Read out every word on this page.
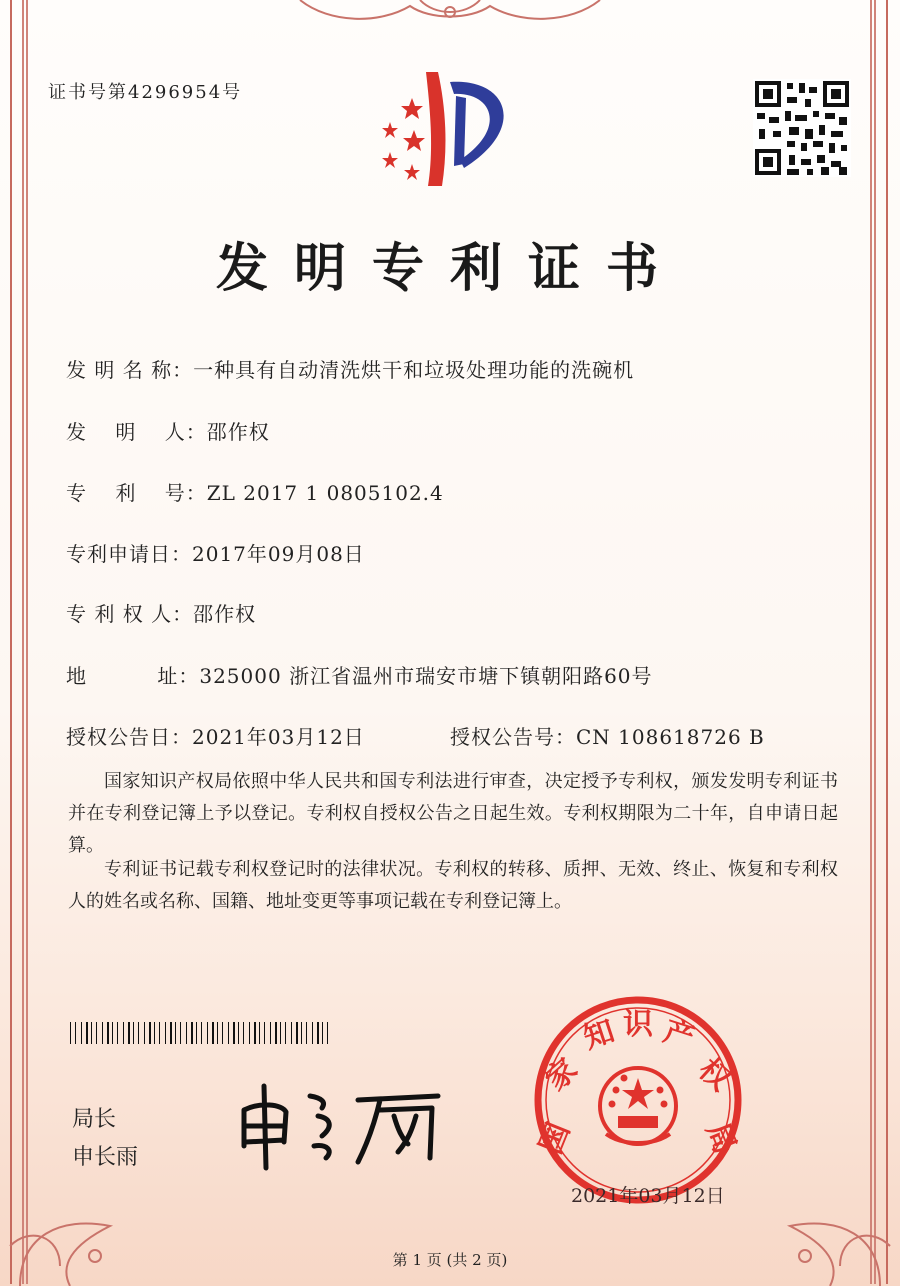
证书号第4296954号
发明专利证书
发 明 名 称：一种具有自动清洗烘干和垃圾处理功能的洗碗机
发　 明　 人：邵作权
专　 利　 号：ZL 2017 1 0805102.4
专利申请日：2017年09月08日
专 利 权 人：邵作权
地　　　 址：325000 浙江省温州市瑞安市塘下镇朝阳路60号
授权公告日：2021年03月12日	授权公告号：CN 108618726 B
国家知识产权局依照中华人民共和国专利法进行审查，决定授予专利权，颁发发明专利证书并在专利登记簿上予以登记。专利权自授权公告之日起生效。专利权期限为二十年，自申请日起算。
专利证书记载专利权登记时的法律状况。专利权的转移、质押、无效、终止、恢复和专利权人的姓名或名称、国籍、地址变更等事项记载在专利登记簿上。
局长
申长雨	国
家
知 识 产
权
局
2021年03月12日
第 1 页 (共 2 页)
